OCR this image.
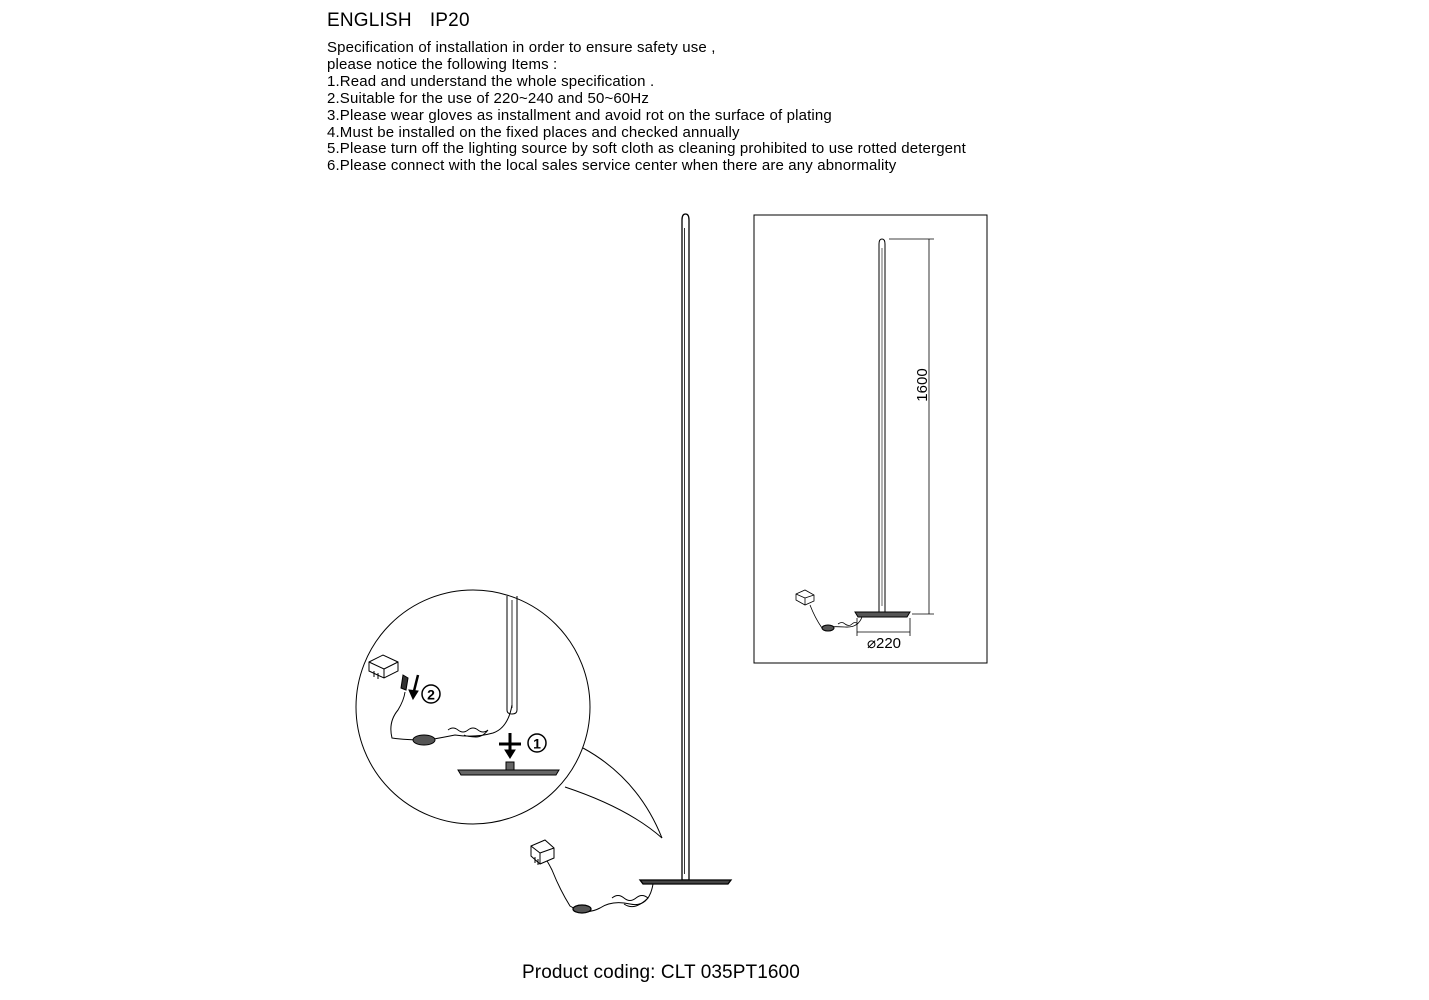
ENGLISH IP20
Specification of installation in order to ensure safety use ,
please notice the following Items :
1.Read and understand the whole specification .
2.Suitable for the use of 220~240 and 50~60Hz
3.Please wear gloves as installment and avoid rot on the surface of plating
4.Must be installed on the fixed places and checked annually
5.Please turn off the lighting source by soft cloth as cleaning prohibited to use rotted detergent
6.Please connect with the local sales service center when there are any abnormality
2
1
1600
⌀220
Product coding: CLT 035PT1600
